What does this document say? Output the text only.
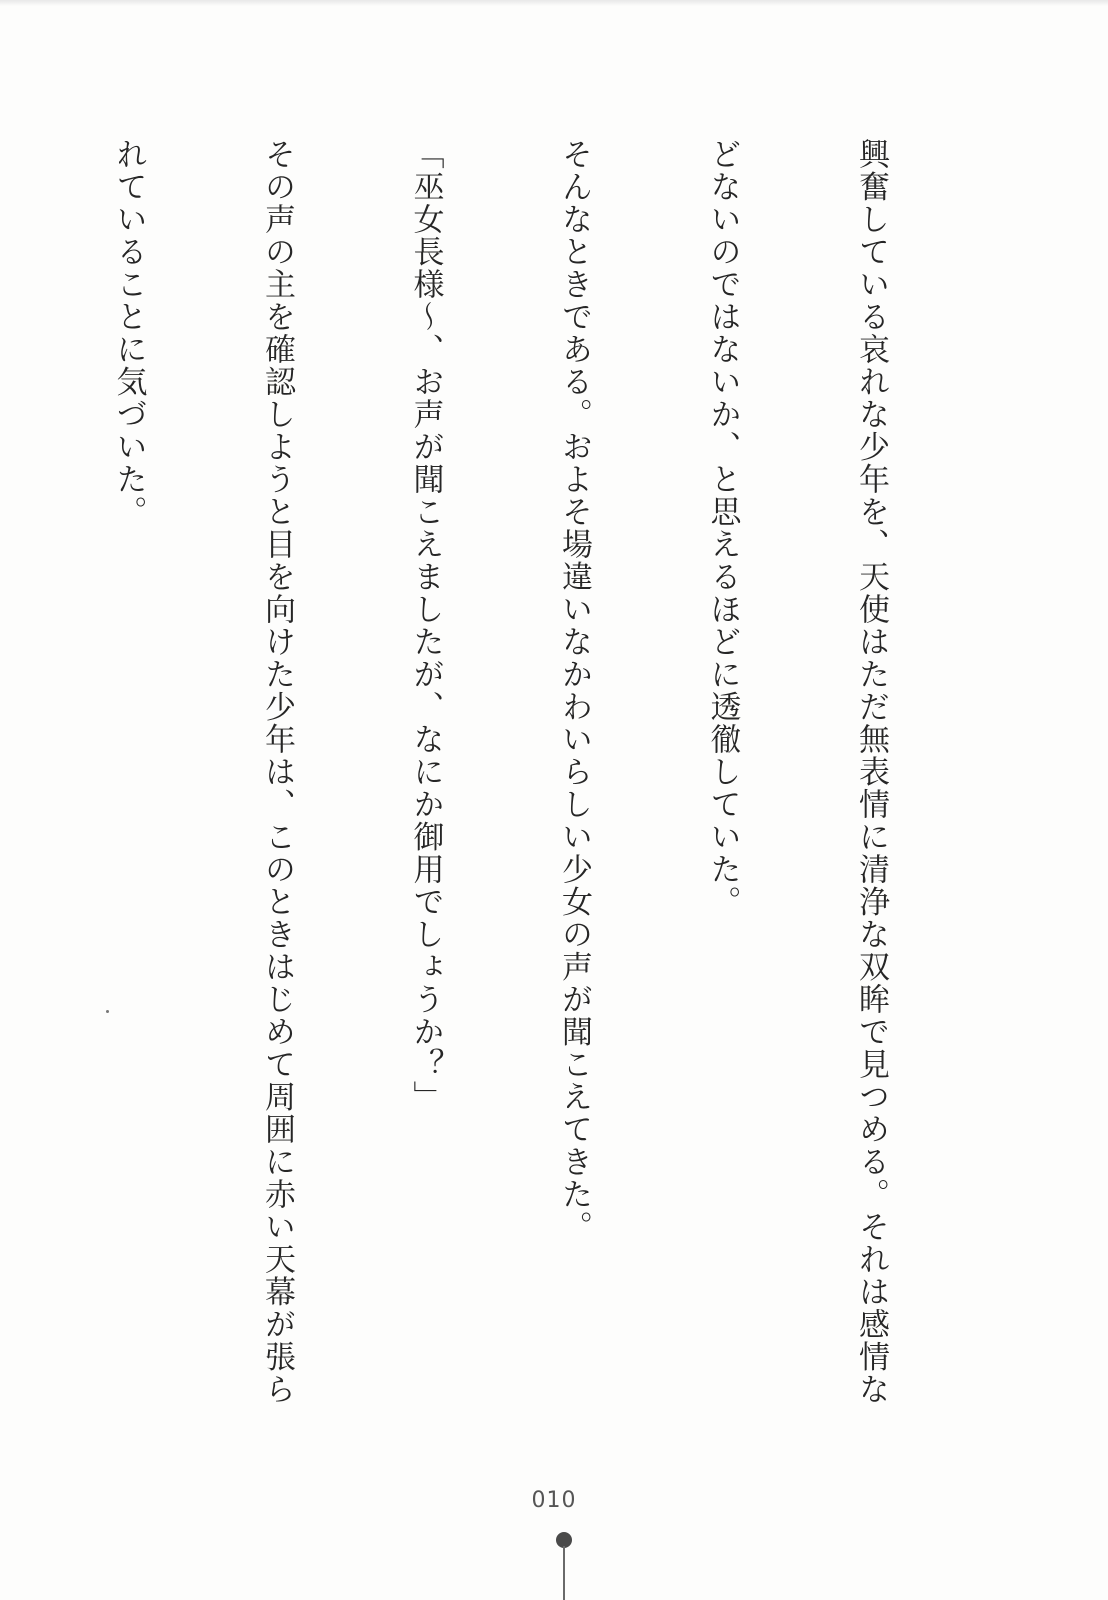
興奮している哀れな少年を、天使はただ無表情に清浄な双眸で見つめる。それは感情な

どないのではないか、と思えるほどに透徹していた。

そんなときである。およそ場違いなかわいらしい少女の声が聞こえてきた。

「巫女長様～、お声が聞こえましたが、なにか御用でしょうか？」

その声の主を確認しようと目を向けた少年は、このときはじめて周囲に赤い天幕が張ら

れていることに気づいた。

010
